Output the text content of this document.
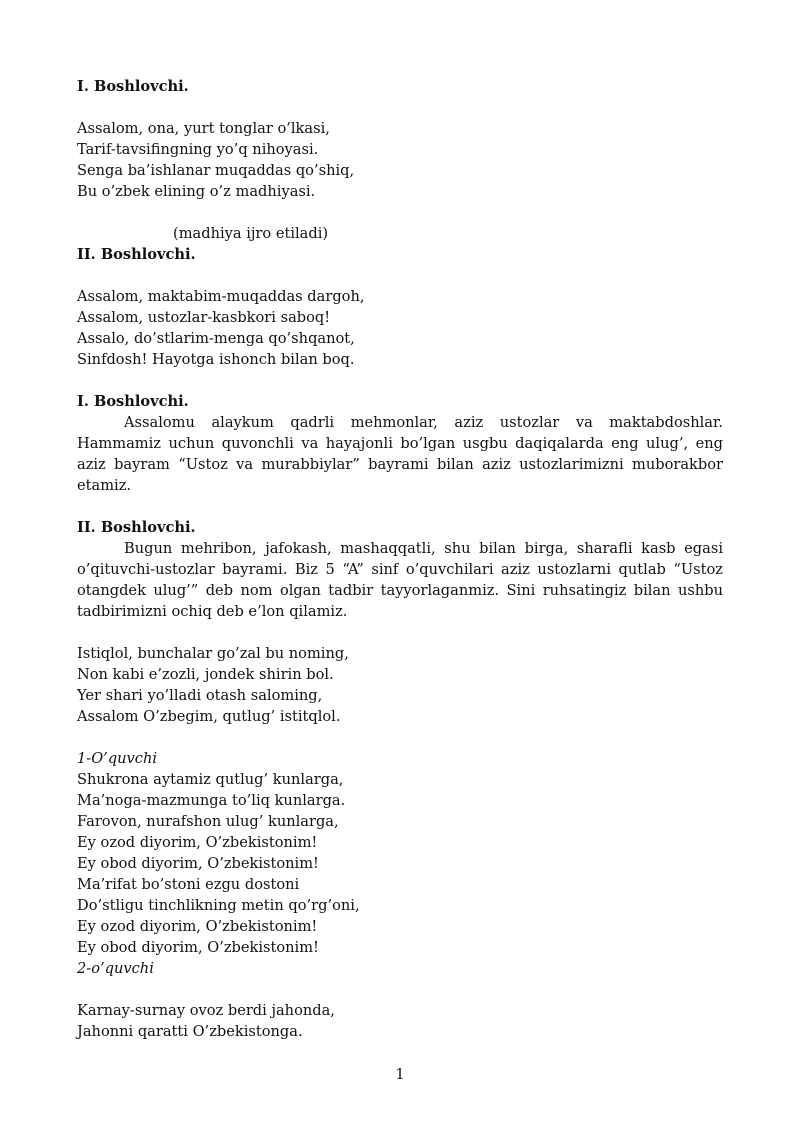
I. Boshlovchi.
Assalom, ona, yurt tonglar o’lkasi,
Tarif-tavsifingning yo’q nihoyasi.
Senga ba’ishlanar muqaddas qo’shiq,
Bu o’zbek elining o’z madhiyasi.
(madhiya ijro etiladi)
II. Boshlovchi.
Assalom, maktabim-muqaddas dargoh,
Assalom, ustozlar-kasbkori saboq!
Assalo, do’stlarim-menga qo’shqanot,
Sinfdosh! Hayotga ishonch bilan boq.
I. Boshlovchi.

Assalomu alaykum qadrli mehmonlar, aziz ustozlar va maktabdoshlar. Hammamiz uchun quvonchli va hayajonli bo’lgan usgbu daqiqalarda eng ulug’, eng aziz bayram “Ustoz va murabbiylar” bayrami bilan aziz ustozlarimizni muborakbor etamiz.

II. Boshlovchi.

Bugun mehribon, jafokash, mashaqqatli, shu bilan birga, sharafli kasb egasi o’qituvchi-ustozlar bayrami. Biz 5 “A” sinf o’quvchilari aziz ustozlarni qutlab “Ustoz otangdek ulug’” deb nom olgan tadbir tayyorlaganmiz. Sini ruhsatingiz bilan ushbu tadbirimizni ochiq deb e’lon qilamiz.

Istiqlol, bunchalar go’zal bu noming,
Non kabi e’zozli, jondek shirin bol.
Yer shari yo’lladi otash saloming,
Assalom O’zbegim, qutlug’ istitqlol.
1-O’quvchi
Shukrona aytamiz qutlug’ kunlarga,
Ma’noga-mazmunga to’liq kunlarga.
Farovon, nurafshon ulug’ kunlarga,
Ey ozod diyorim, O’zbekistonim!
Ey obod diyorim, O’zbekistonim!
Ma’rifat bo’stoni ezgu dostoni
Do’stligu tinchlikning metin qo’rg’oni,
Ey ozod diyorim, O’zbekistonim!
Ey obod diyorim, O’zbekistonim!
2-o’quvchi
Karnay-surnay ovoz berdi jahonda,
Jahonni qaratti O’zbekistonga.
1
